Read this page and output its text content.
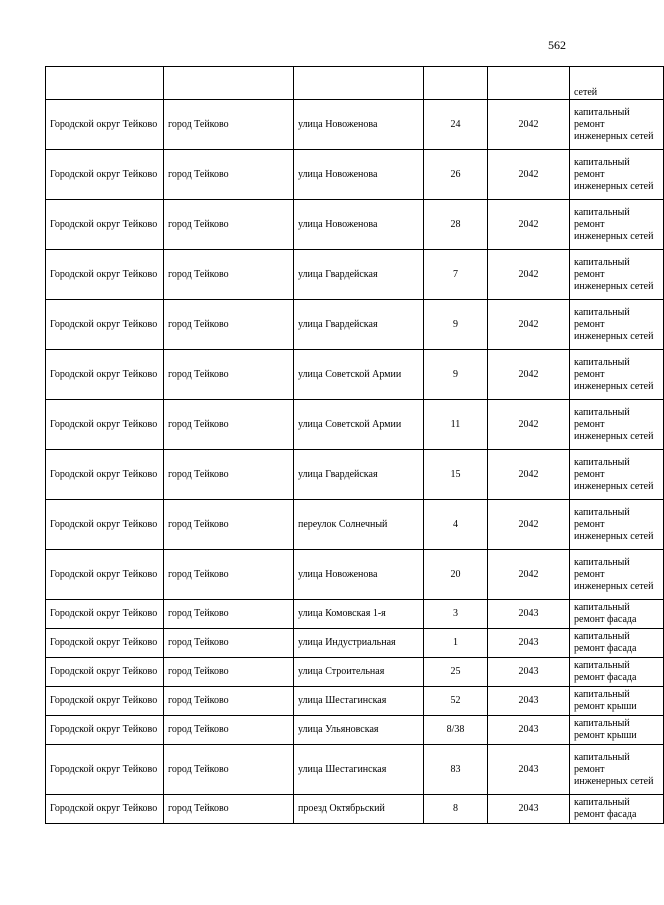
562
					сетей
Городской округ Тейково	город Тейково	улица Новоженова	24	2042	капитальный ремонт инженерных сетей
Городской округ Тейково	город Тейково	улица Новоженова	26	2042	капитальный ремонт инженерных сетей
Городской округ Тейково	город Тейково	улица Новоженова	28	2042	капитальный ремонт инженерных сетей
Городской округ Тейково	город Тейково	улица Гвардейская	7	2042	капитальный ремонт инженерных сетей
Городской округ Тейково	город Тейково	улица Гвардейская	9	2042	капитальный ремонт инженерных сетей
Городской округ Тейково	город Тейково	улица Советской Армии	9	2042	капитальный ремонт инженерных сетей
Городской округ Тейково	город Тейково	улица Советской Армии	11	2042	капитальный ремонт инженерных сетей
Городской округ Тейково	город Тейково	улица Гвардейская	15	2042	капитальный ремонт инженерных сетей
Городской округ Тейково	город Тейково	переулок Солнечный	4	2042	капитальный ремонт инженерных сетей
Городской округ Тейково	город Тейково	улица Новоженова	20	2042	капитальный ремонт инженерных сетей
Городской округ Тейково	город Тейково	улица Комовская 1-я	3	2043	капитальный ремонт фасада
Городской округ Тейково	город Тейково	улица Индустриальная	1	2043	капитальный ремонт фасада
Городской округ Тейково	город Тейково	улица Строительная	25	2043	капитальный ремонт фасада
Городской округ Тейково	город Тейково	улица Шестагинская	52	2043	капитальный ремонт крыши
Городской округ Тейково	город Тейково	улица Ульяновская	8/38	2043	капитальный ремонт крыши
Городской округ Тейково	город Тейково	улица Шестагинская	83	2043	капитальный ремонт инженерных сетей
Городской округ Тейково	город Тейково	проезд Октябрьский	8	2043	капитальный ремонт фасада
